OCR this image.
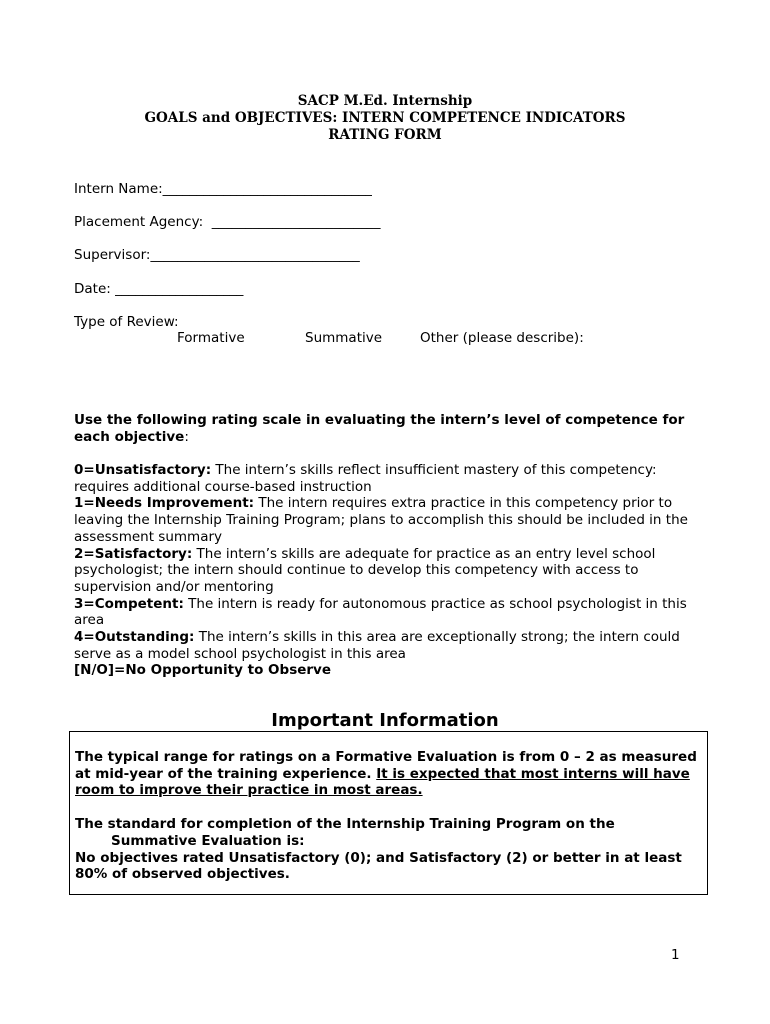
SACP M.Ed. Internship
GOALS and OBJECTIVES: INTERN COMPETENCE INDICATORS
RATING FORM
Intern Name:_______________________________
Placement Agency:  _________________________
Supervisor:_______________________________
Date: ___________________
Type of Review:
Formative	Summative	Other (please describe):
Use the following rating scale in evaluating the intern’s level of competence for each objective:

0=Unsatisfactory: The intern’s skills reflect insufficient mastery of this competency: requires additional course-based instruction

1=Needs Improvement: The intern requires extra practice in this competency prior to leaving the Internship Training Program; plans to accomplish this should be included in the assessment summary

2=Satisfactory: The intern’s skills are adequate for practice as an entry level school psychologist; the intern should continue to develop this competency with access to supervision and/or mentoring

3=Competent: The intern is ready for autonomous practice as school psychologist in this area

4=Outstanding: The intern’s skills in this area are exceptionally strong; the intern could serve as a model school psychologist in this area

[N/O]=No Opportunity to Observe

Important Information

The typical range for ratings on a Formative Evaluation is from 0 – 2 as measured at mid-year of the training experience. It is expected that most interns will have room to improve their practice in most areas.

The standard for completion of the Internship Training Program on the

Summative Evaluation is:

No objectives rated Unsatisfactory (0); and Satisfactory (2) or better in at least 80% of observed objectives.

1
